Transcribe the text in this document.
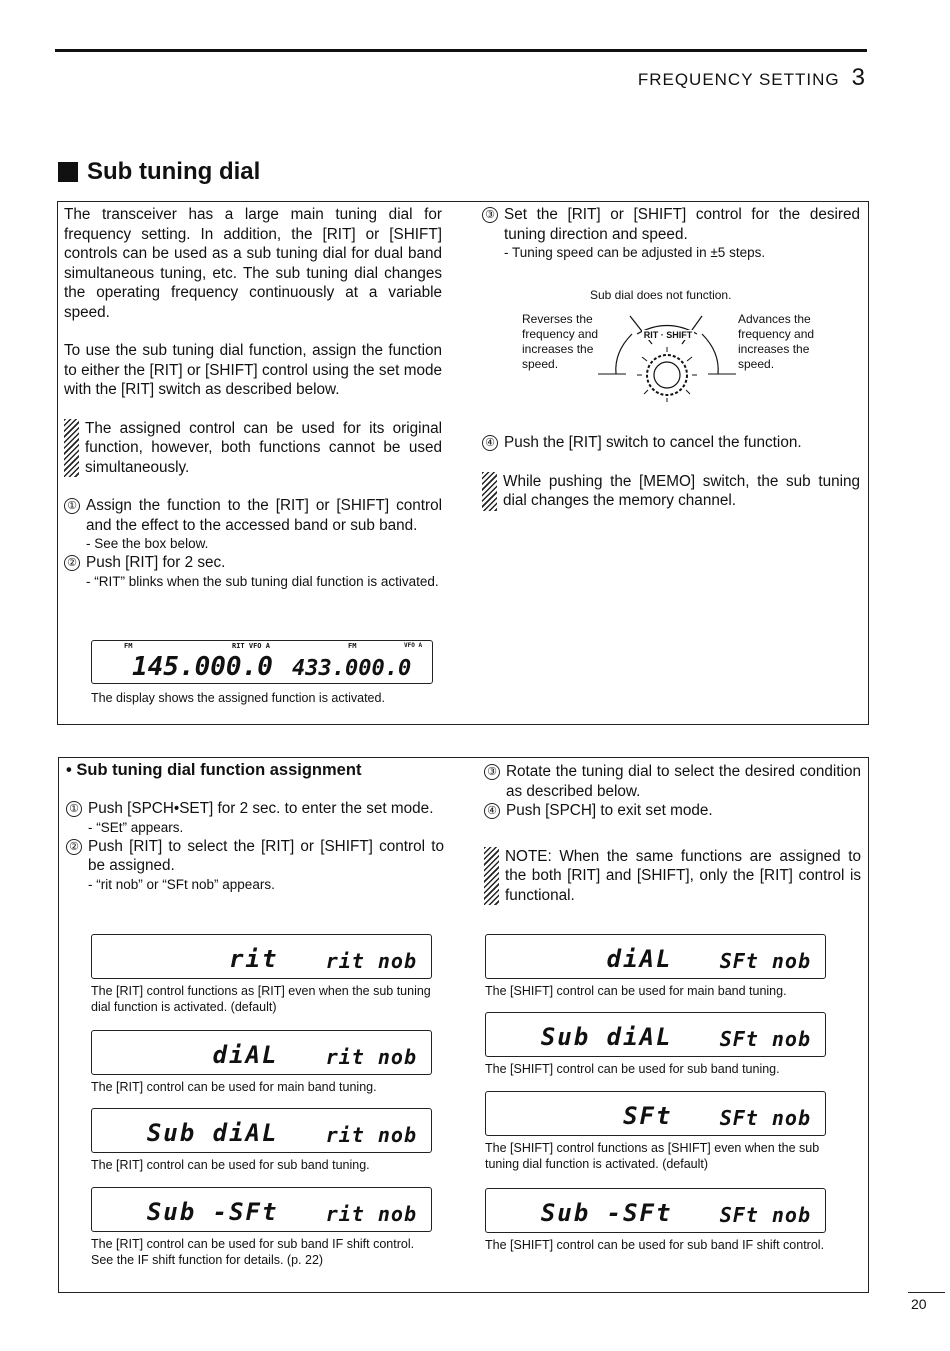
FREQUENCY SETTING 3
Sub tuning dial

The transceiver has a large main tuning dial for frequency setting. In addition, the [RIT] or [SHIFT] controls can be used as a sub tuning dial for dual band simultaneous tuning, etc. The sub tuning dial changes the operating frequency continuously at a variable speed.

To use the sub tuning dial function, assign the function to either the [RIT] or [SHIFT] control using the set mode with the [RIT] switch as described below.

The assigned control can be used for its original function, however, both functions cannot be used simultaneously.

① Assign the function to the [RIT] or [SHIFT] control and the effect to the accessed band or sub band.

- See the box below.
② Push [RIT] for 2 sec.

- “RIT” blinks when the sub tuning dial function is activated.
FM	RIT VFO A
145.000.0
FM	VFO A
433.000.0
The display shows the assigned function is activated.
③ Set the [RIT] or [SHIFT] control for the desired tuning direction and speed.

- Tuning speed can be adjusted in ±5 steps.
Sub dial does not function.
Reverses the frequency and increases the speed.
Advances the frequency and increases the speed.
RIT · SHIFT
④ Push the [RIT] switch to cancel the function.

While pushing the [MEMO] switch, the sub tuning dial changes the memory channel.

• Sub tuning dial function assignment
① Push [SPCH•SET] for 2 sec. to enter the set mode.

- “SEt” appears.
② Push [RIT] to select the [RIT] or [SHIFT] control to be assigned.

- “rit nob” or “SFt nob” appears.
③ Rotate the tuning dial to select the desired condition as described below.

④ Push [SPCH] to exit set mode.

NOTE: When the same functions are assigned to the both [RIT] and [SHIFT], only the [RIT] control is functional.

rit rit nob
The [RIT] control functions as [RIT] even when the sub tuning dial function is activated. (default)
diAL rit nob
The [RIT] control can be used for main band tuning.
Sub diAL rit nob
The [RIT] control can be used for sub band tuning.
Sub -SFt rit nob
The [RIT] control can be used for sub band IF shift control. See the IF shift function for details. (p. 22)
diAL SFt nob
The [SHIFT] control can be used for main band tuning.
Sub diAL SFt nob
The [SHIFT] control can be used for sub band tuning.
SFt SFt nob
The [SHIFT] control functions as [SHIFT] even when the sub tuning dial function is activated. (default)
Sub -SFt SFt nob
The [SHIFT] control can be used for sub band IF shift control.
20
